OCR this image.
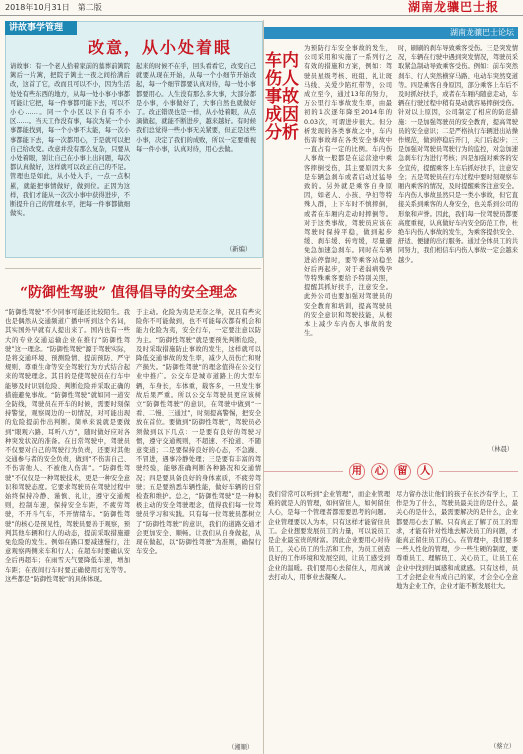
2018年10月31日　第二版	湖南龙骧巴士报
讲故事学管理
改意，从小处着眼
请故事：有一个老人拾着家前的墓葬前篱院篱后一片篱，把院子篱土一夜之间拾满后改，这首了它，改而且可以不小，因为生活处处有些东西的地方，从每一处小事小事都可能让它把，每一件事都可能下去，可以不小心……。同一个小区以下自有不小区……。当天工作没有事，每次为某一个小事都能找到，每一个小事不太能，每一次小事都能下去，每一次都用心，于是就可以把自己给改变。改意并没有那么复杂，只要从小处着眼，别让自己在小事上出问题，每次都认真做好，这样就可以改正自己的不足。管理也是如此，从小处入手，一点一点积累，就能把事情做好，做到位。正因为这样，我们才能从一次次小事中获得进步，不断提升自己的管理水平，把每一件事都做细做实。
起来的时候不在乎，回头看看它，改变自己就要从现在开始，从每一个小细节开始改起，每一个细节都要认真对待，每一处小事都要用心。人生没有那么多大事，大部分都是小事，小事做好了，大事自然也就做好了。改正错误也是一样，从小处着眼，从点滴做起，就能不断进步，越来越好。有时候我们总觉得一些小事无关紧要，但正是这些小事，决定了我们的成败，所以一定要重视每一件小事，认真对待，用心去做。
（新编）
“防御性驾驶” 值得倡导的安全理念
“防御性驾驶”不少同事可能还比较陌生。我也是偶然从交通频道广播中听到这个名词，其实国外早就有人提出来了。国内也有一些大的专业交通运输企业在推行“防御性驾驶”这一理念。“防御性驾驶”源于驾驶实际，是将交通环境、预测险情、提前预防、严守规则、尊重生命等安全驾驶行为方式结合起来的驾驶理念。其目的是使驾驶员在行车中能够及时识别危险、判断危险并采取正确的措施避免事故。“防御性驾驶”就如同一道安全防线，驾驶员在开车的时候，需要时刻保持警觉，观察周边的一切情况，对可能出现的危险提前作出判断。简单来说就是要做到“眼观六路、耳听八方”，随时做好应对各种突发状况的准备。在日常驾驶中，驾驶员不仅要对自己的驾驶行为负责，还要对其他交通参与者的安全负责，做到“不伤害自己、不伤害他人、不被他人伤害”。“防御性驾驶”不仅仅是一种驾驶技术，更是一种安全意识和驾驶态度。它要求驾驶员在驾驶过程中始终保持冷静、谨慎、礼让，遵守交通规则，控制车速，保持安全车距，不疲劳驾驶，不开斗气车，不开情绪车。“防御性驾驶”的核心是预见性，驾驶员要善于观察，预判其他车辆和行人的动态，提前采取措施避免危险的发生。例如在路口要减速慢行，注意观察两侧来车和行人；在超车时要确认安全后再超车；在雨雪天气要降低车速，增加车距；在夜间行车时要正确使用灯光等等。这些都是“防御性驾驶”的具体体现。
于主动。化险为夷是无奈之举，况且有些灾险你不可能做到，也不可能每次都有机会和能力化险为夷，安全行车，一定要注意以防为主。“防御性驾驶”就是要预先判断危险，及时采取措施防止事故的发生，这样就可以降低交通事故的发生率，减少人员伤亡和财产损失。“防御性驾驶”的理念值得在公交行业中推广。公交车是城市道路上的大型车辆，车身长，车体重，载客多，一旦发生事故后果严重。所以公交车驾驶员更应该树立“防御性驾驶”的意识，在驾驶中做到“一看、二慢、三通过”，时刻提高警惕，把安全放在首位。要做到“防御性驾驶”，驾驶员必须做到以下几点：一是要有良好的驾驶习惯，遵守交通规则，不超速、不抢道、不随意变道；二是要保持良好的心态，不急躁、不冒进，遇事冷静处理；三是要有丰富的驾驶经验，能够准确判断各种路况和交通情况；四是要具备良好的身体素质，不疲劳驾驶；五是要熟悉车辆性能，做好车辆的日常检查和维护。总之，“防御性驾驶”是一种积极主动的安全驾驶理念，值得我们每一位驾驶员学习和实践。只有每一位驾驶员都树立了“防御性驾驶”的意识，我们的道路交通才会更加安全、顺畅。让我们从自身做起，从现在做起，以“防御性驾驶”为准则，确保行车安全。
（湘顺）
湖南龙骧巴士论坛
车内伤人事故成因分析
为预防行车安全事故的发生，公司采用和实施了一系列行之有效的措施和方案，例如：驾驶员星级考核、班组、礼让斑马线、关爱少陷红带等，公司成立至今，通过13年的努力，万公里行车事故发生率，由最初的1次逐年降至2014年的0.03次，可谓进步很大。但分析发现的各类事故之中，车内伤害事故却在各类安全事故中一直占有一定的比例。车内伤人事故一般都是在运营途中乘客摔倒受伤，其主要原因大多是车辆急刹车或者启动过猛导致的。另外就是乘客自身原因，如老人、小孩、孕妇等特殊人群，上下车时不慎摔倒，或者在车厢内走动时摔倒等。对于这类事故，驾驶员应该在驾驶时保持平稳，做到起步缓、刹车缓、转弯缓，尽量避免急加速急刹车。同时在车辆进站停靠时，要等乘客站稳坐好后再起步，对于老弱病残孕等特殊乘客要给予特别关照，提醒其抓好扶手，注意安全。此外公司也要加强对驾驶员的安全教育和培训，提高驾驶员的安全意识和驾驶技能，从根本上减少车内伤人事故的发生。
时，刷刷的刹车导致乘客受伤。三是突发情况，车辆在行驶中遇到突发情况，驾驶员采取紧急制动导致乘客受伤。例如：前车突然刹车、行人突然横穿马路、电动车突然变道等。四是乘客自身原因，部分乘客上车后不及时抓好扶手，或者在车厢内随意走动，车辆在行驶过程中稍有晃动就容易摔倒受伤。针对以上原因，公司制定了相应的防范措施：一是加强驾驶员的安全教育，提高驾驶员的安全意识；二是严格执行车辆进出站操作规范，做到停稳后开门，关门后起步；三是加强对驾驶员驾驶行为的监控，对急加速急刹车行为进行考核；四是加强对乘客的安全宣传，提醒乘客上车后抓好扶手，注意安全；五是驾驶员在行车过程中要时刻观察车厢内乘客的情况，及时提醒乘客注意安全。车内伤人事故虽然只是一类小事故，但它直接关系到乘客的人身安全，也关系到公司的形象和声誉。因此，我们每一位驾驶员都要高度重视，认真做好车内安全防范工作，杜绝车内伤人事故的发生，为乘客提供安全、舒适、便捷的出行服务。通过全体员工的共同努力，我们相信车内伤人事故一定会越来越少。
（林晨）
用	心	留	人
我们常常可以听到“企业管理”，而企业管理难的就是人的管理，如何留住人，如何留住人心，是每一个管理者都需要思考的问题。企业管理要以人为本，只有这样才能留住员工。企业想要发展员工的力量，可以说员工是企业最宝贵的财富。因此企业要用心对待员工，关心员工的生活和工作，为员工创造良好的工作环境和发展空间，让员工感受到企业的温暖。我们要用心去留住人，用真诚去打动人，用事业去凝聚人。
尽力留办法让他们的孩子在长沙有学上，工作是为了什么，驾驶员最关注的是什么，最关心的是什么，最需要解决的是什么，企业都要用心去了解。只有真正了解了员工的需求，才能有针对性地去解决员工的问题，才能真正留住员工的心。在管理中，我们要多一些人性化的管理，少一些生硬的制度，要尊重员工、理解员工、关心员工，让员工在企业中找到归属感和成就感。只有这样，员工才会把企业当成自己的家，才会全心全意地为企业工作，企业才能不断发展壮大。
（蔡立）
